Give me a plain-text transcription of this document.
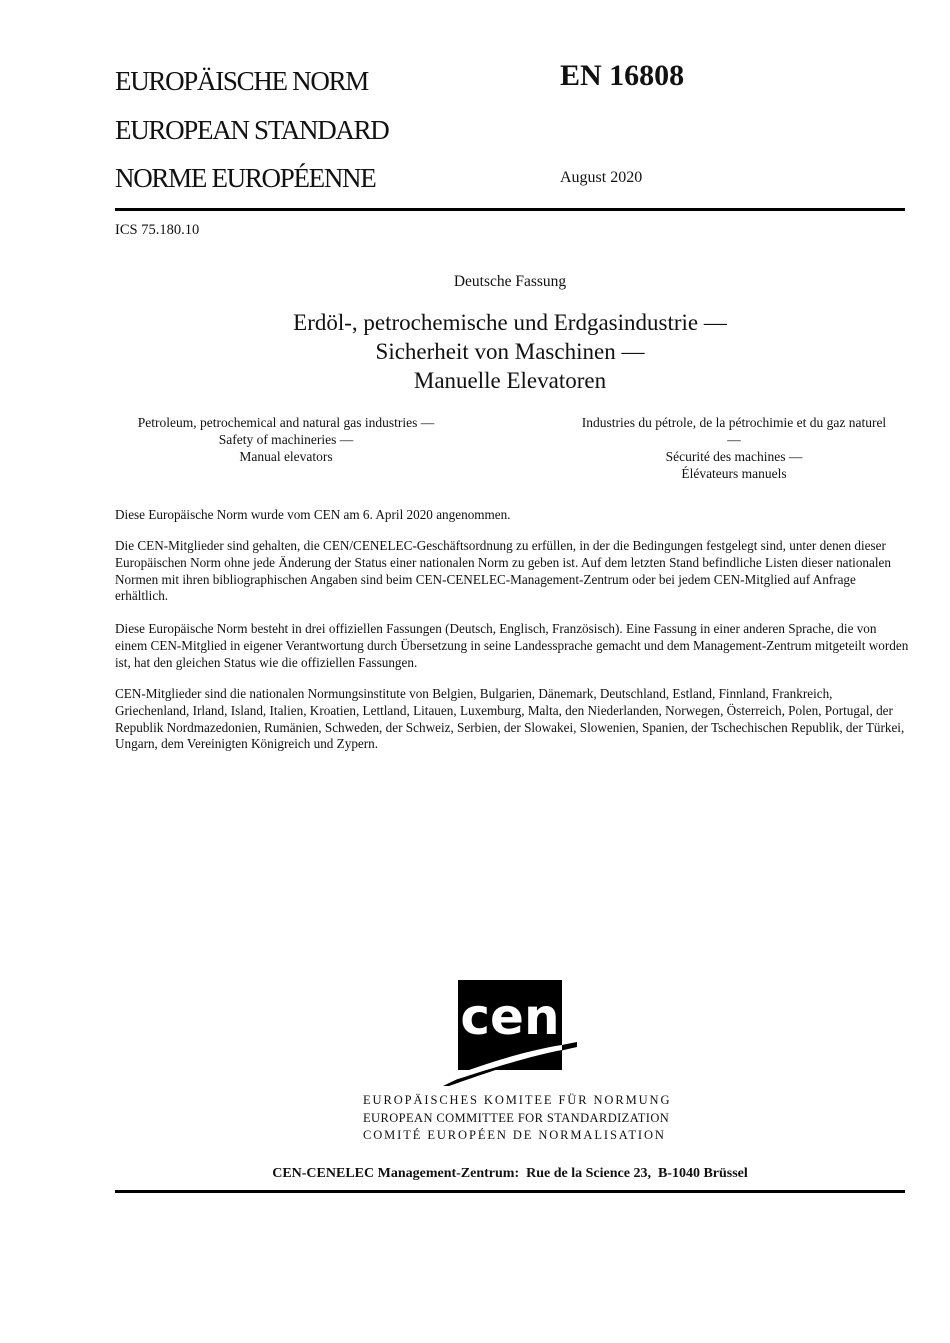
EUROPÄISCHE NORM
EUROPEAN STANDARD
NORME EUROPÉENNE
EN 16808
August 2020
ICS 75.180.10
Deutsche Fassung
Erdöl-, petrochemische und Erdgasindustrie —
Sicherheit von Maschinen —
Manuelle Elevatoren
Petroleum, petrochemical and natural gas industries —
Safety of machineries —
Manual elevators
Industries du pétrole, de la pétrochimie et du gaz naturel —
Sécurité des machines —
Élévateurs manuels
Diese Europäische Norm wurde vom CEN am 6. April 2020 angenommen.
Die CEN-Mitglieder sind gehalten, die CEN/CENELEC-Geschäftsordnung zu erfüllen, in der die Bedingungen festgelegt sind, unter denen dieser Europäischen Norm ohne jede Änderung der Status einer nationalen Norm zu geben ist. Auf dem letzten Stand befindliche Listen dieser nationalen Normen mit ihren bibliographischen Angaben sind beim CEN-CENELEC-Management-Zentrum oder bei jedem CEN-Mitglied auf Anfrage erhältlich.
Diese Europäische Norm besteht in drei offiziellen Fassungen (Deutsch, Englisch, Französisch). Eine Fassung in einer anderen Sprache, die von einem CEN-Mitglied in eigener Verantwortung durch Übersetzung in seine Landessprache gemacht und dem Management-Zentrum mitgeteilt worden ist, hat den gleichen Status wie die offiziellen Fassungen.
CEN-Mitglieder sind die nationalen Normungsinstitute von Belgien, Bulgarien, Dänemark, Deutschland, Estland, Finnland, Frankreich, Griechenland, Irland, Island, Italien, Kroatien, Lettland, Litauen, Luxemburg, Malta, den Niederlanden, Norwegen, Österreich, Polen, Portugal, der Republik Nordmazedonien, Rumänien, Schweden, der Schweiz, Serbien, der Slowakei, Slowenien, Spanien, der Tschechischen Republik, der Türkei, Ungarn, dem Vereinigten Königreich und Zypern.
cen
EUROPÄISCHES KOMITEE FÜR NORMUNG
EUROPEAN COMMITTEE FOR STANDARDIZATION
COMITÉ EUROPÉEN DE NORMALISATION
CEN-CENELEC Management-Zentrum:  Rue de la Science 23,  B-1040 Brüssel
